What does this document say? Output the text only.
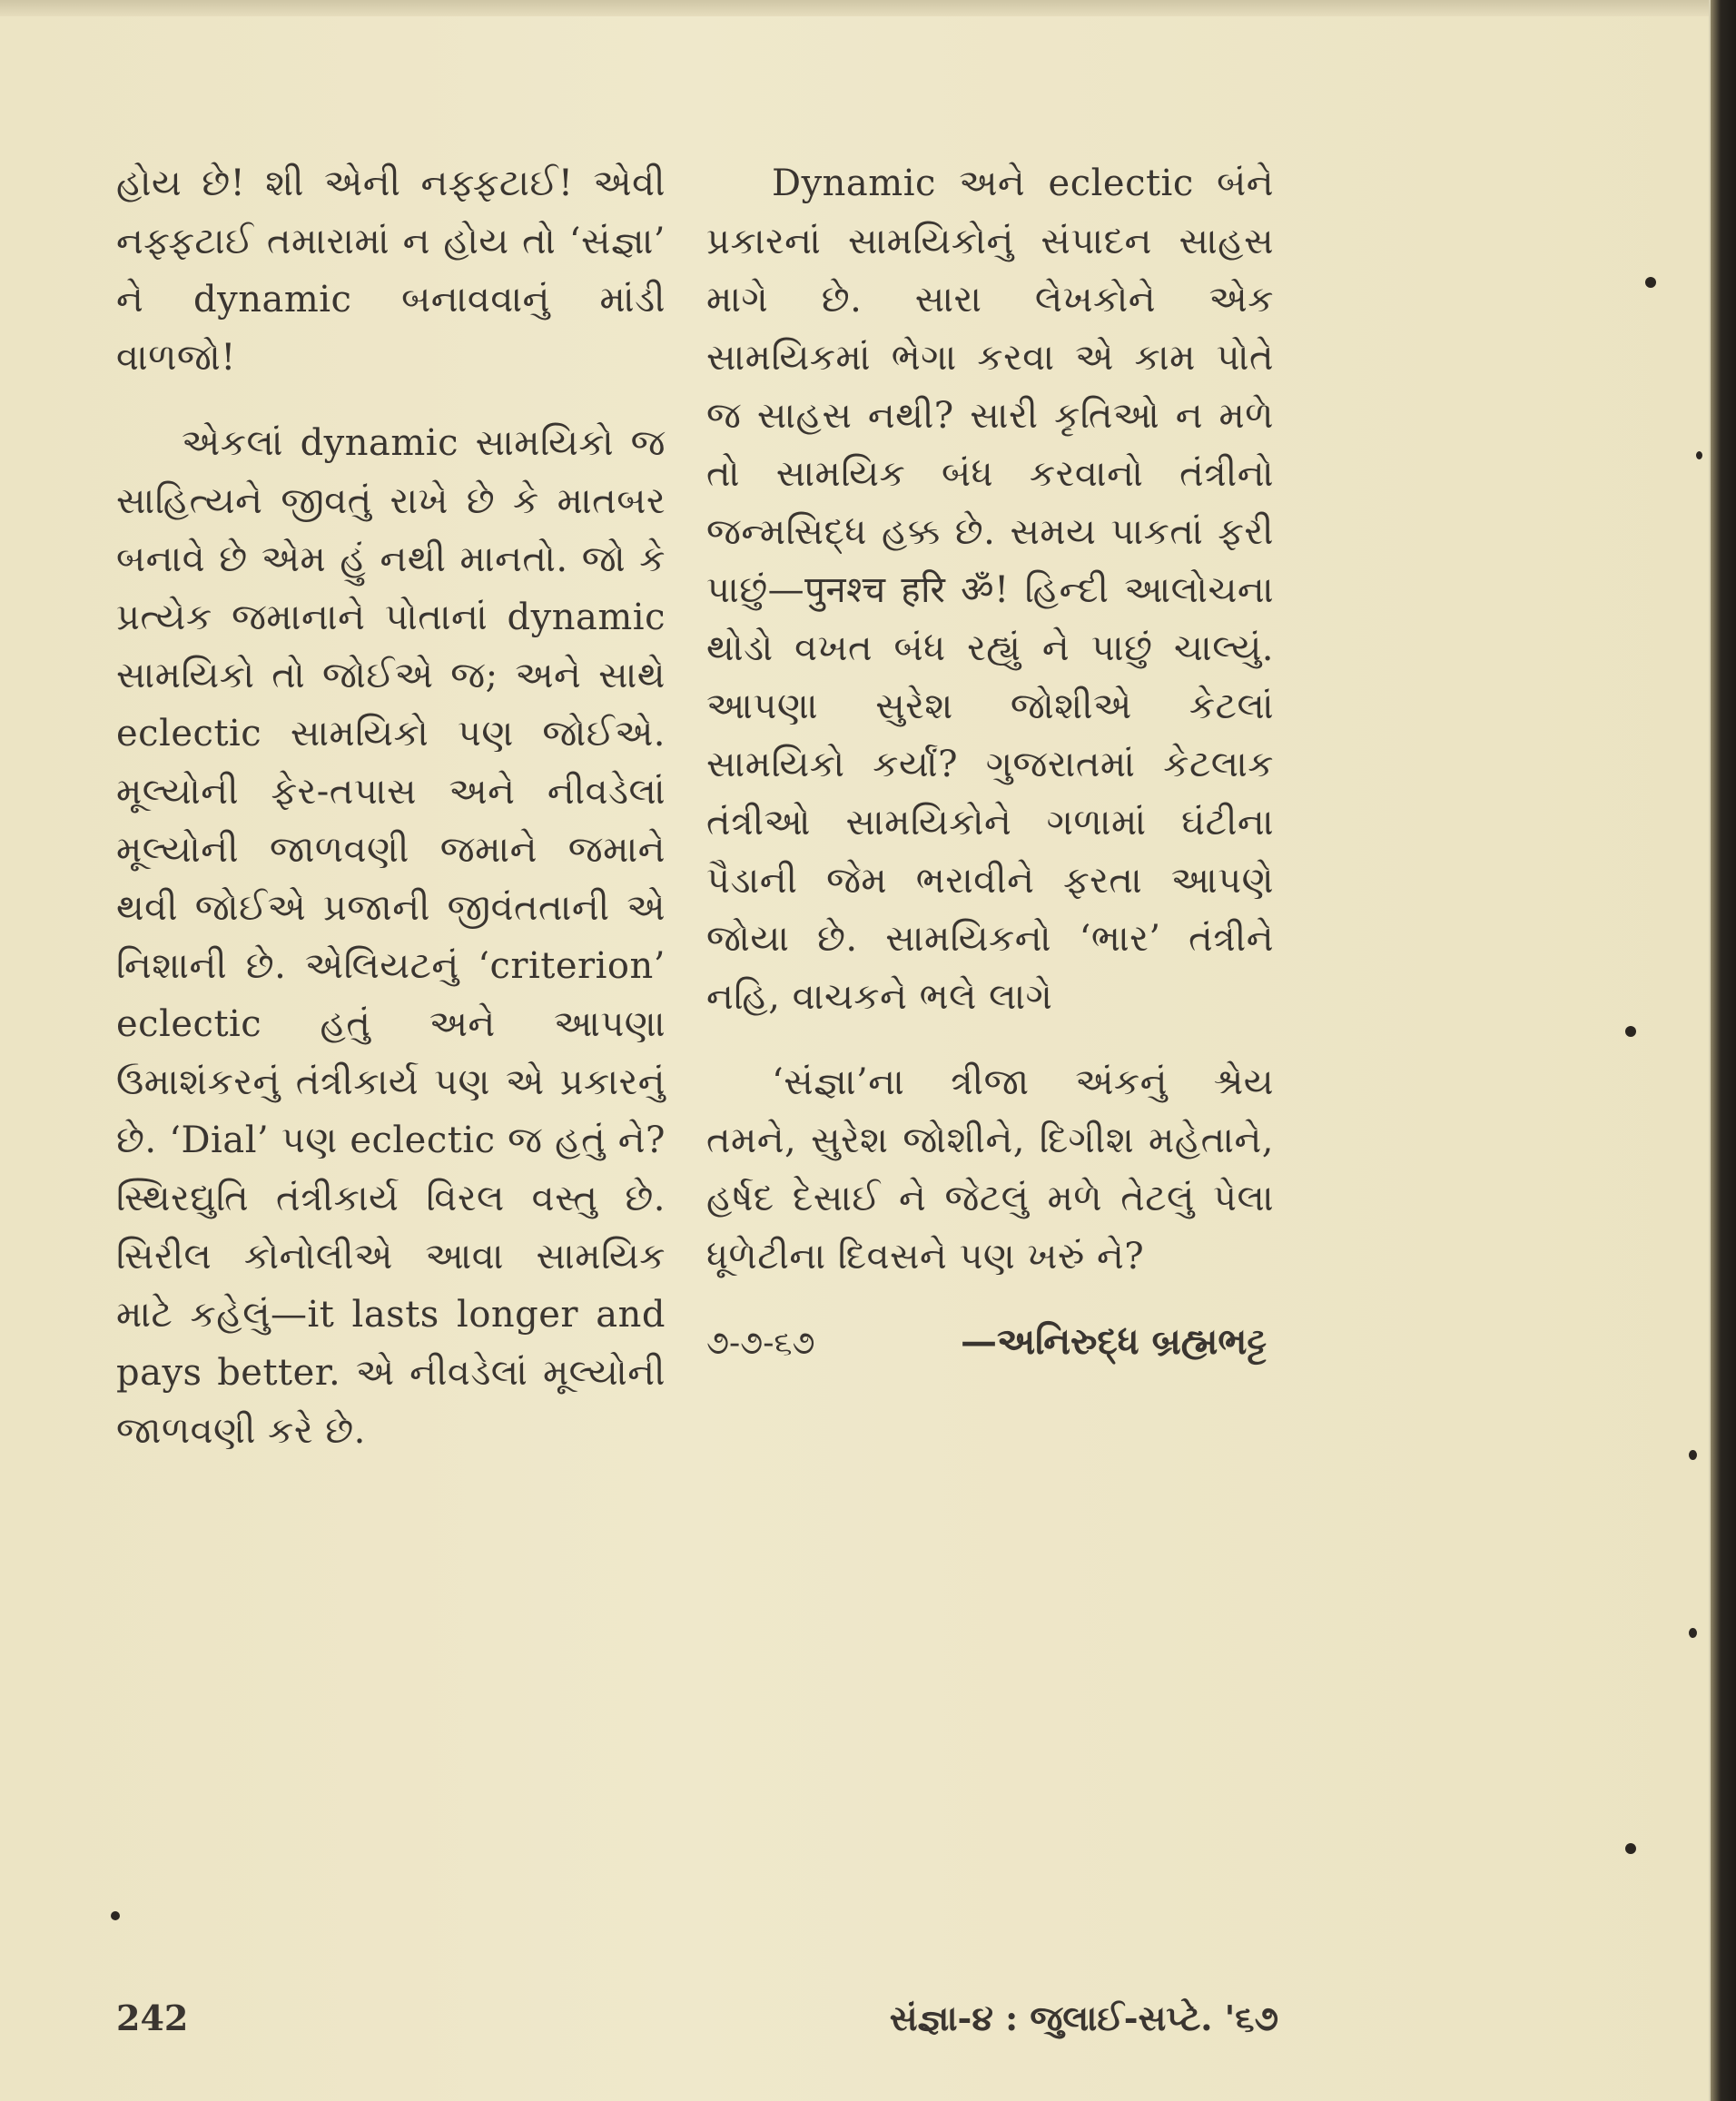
હોય છે! શી એની નફ્ફટાઈ! એવી નફ્ફટાઈ તમારામાં ન હોય તો ‘સંજ્ઞા’ ને dynamic બનાવવાનું માંડી વાળજો!

એકલાં dynamic સામયિકો જ સાહિત્યને જીવતું રાખે છે કે માતબર બનાવે છે એમ હું નથી માનતો. જો કે પ્રત્યેક જમાનાને પોતાનાં dynamic સામયિકો તો જોઈએ જ; અને સાથે eclectic સામયિકો પણ જોઈએ. મૂલ્યોની ફેર-તપાસ અને નીવડેલાં મૂલ્યોની જાળવણી જમાને જમાને થવી જોઈએ પ્રજાની જીવંતતાની એ નિશાની છે. એલિયટનું ‘criterion’ eclectic હતું અને આપણા ઉમાશંકરનું તંત્રીકાર્ય પણ એ પ્રકારનું છે. ‘Dial’ પણ eclectic જ હતું ને? સ્થિરદ્યુતિ તંત્રીકાર્ય વિરલ વસ્તુ છે. સિરીલ કોનોલીએ આવા સામયિક માટે કહેલું—it lasts longer and pays better. એ નીવડેલાં મૂલ્યોની જાળવણી કરે છે.

Dynamic અને eclectic બંને પ્રકારનાં સામયિકોનું સંપાદન સાહસ માગે છે. સારા લેખકોને એક સામયિકમાં ભેગા કરવા એ કામ પોતે જ સાહસ નથી? સારી કૃતિઓ ન મળે તો સામયિક બંધ કરવાનો તંત્રીનો જન્મસિદ્ધ હક્ક છે. સમય પાકતાં ફરી પાછું—पुनश्च हरि ॐ! હિન્દી આલોચના થોડો વખત બંધ રહ્યું ને પાછું ચાલ્યું. આપણા સુરેશ જોશીએ કેટલાં સામયિકો કર્યાં? ગુજરાતમાં કેટલાક તંત્રીઓ સામયિકોને ગળામાં ઘંટીના પૈડાની જેમ ભરાવીને ફરતા આપણે જોયા છે. સામયિકનો ‘ભાર’ તંત્રીને નહિ, વાચકને ભલે લાગે

‘સંજ્ઞા’ના ત્રીજા અંકનું શ્રેય તમને, સુરેશ જોશીને, દિગીશ મહેતાને, હર્ષદ દેસાઈ ને જેટલું મળે તેટલું પેલા ધૂળેટીના દિવસને પણ ખરું ને?

૭-૭-૬૭	—અનિરુદ્ધ બ્રહ્મભટ્ટ
242	સંજ્ઞા-૪ : જુલાઈ-સપ્ટે. '૬૭
